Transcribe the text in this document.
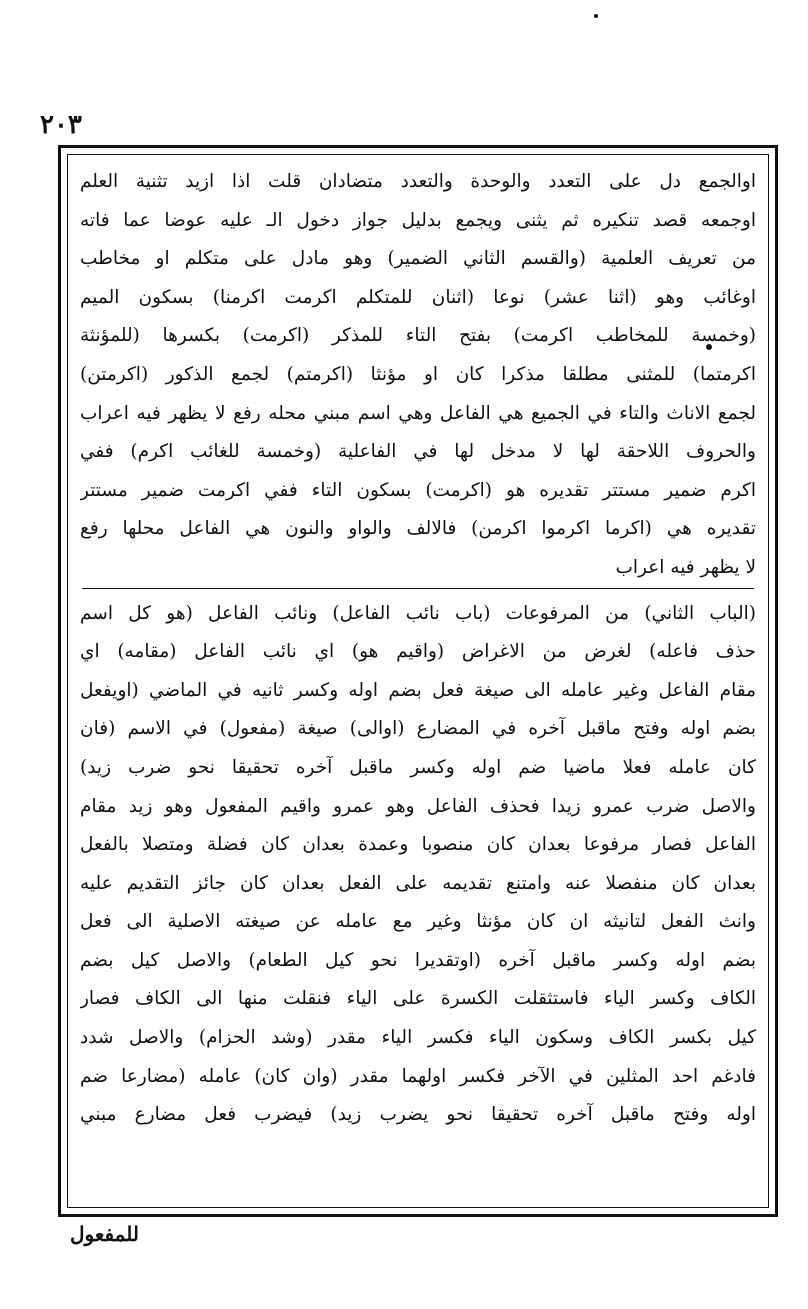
٢٠٣
اوالجمع دل على التعدد والوحدة والتعدد متضادان قلت اذا ازيد تثنية العلم
اوجمعه قصد تنكيره ثم يثنى ويجمع بدليل جواز دخول الـ عليه عوضا عما فاته
من تعريف العلمية (والقسم الثاني الضمير) وهو مادل على متكلم او مخاطب
اوغائب وهو (اثنا عشر) نوعا (اثنان للمتكلم اكرمت اكرمنا) بسكون الميم
(وخمسة للمخاطب اكرمت) بفتح التاء للمذكر (اكرمت) بكسرها (للمؤنثة
اكرمتما) للمثنى مطلقا مذكرا كان او مؤنثا (اكرمتم) لجمع الذكور (اكرمتن)
لجمع الاناث والتاء في الجميع هي الفاعل وهي اسم مبني محله رفع لا يظهر فيه اعراب
والحروف اللاحقة لها لا مدخل لها في الفاعلية (وخمسة للغائب اكرم) ففي
اكرم ضمير مستتر تقديره هو (اكرمت) بسكون التاء ففي اكرمت ضمير مستتر
تقديره هي (اكرما اكرموا اكرمن) فالالف والواو والنون هي الفاعل محلها رفع
لا يظهر فيه اعراب
(الباب الثاني) من المرفوعات (باب نائب الفاعل) ونائب الفاعل (هو كل اسم
حذف فاعله) لغرض من الاغراض (واقيم هو) اي نائب الفاعل (مقامه) اي
مقام الفاعل وغير عامله الى صيغة فعل بضم اوله وكسر ثانيه في الماضي (اويفعل
بضم اوله وفتح ماقبل آخره في المضارع (اوالى) صيغة (مفعول) في الاسم (فان
كان عامله فعلا ماضيا ضم اوله وكسر ماقبل آخره تحقيقا نحو ضرب زيد)
والاصل ضرب عمرو زيدا فحذف الفاعل وهو عمرو واقيم المفعول وهو زيد مقام
الفاعل فصار مرفوعا بعدان كان منصوبا وعمدة بعدان كان فضلة ومتصلا بالفعل
بعدان كان منفصلا عنه وامتنع تقديمه على الفعل بعدان كان جائز التقديم عليه
وانث الفعل لتانيثه ان كان مؤنثا وغير مع عامله عن صيغته الاصلية الى فعل
بضم اوله وكسر ماقبل آخره (اوتقديرا نحو كيل الطعام) والاصل كيل بضم
الكاف وكسر الياء فاستثقلت الكسرة على الياء فنقلت منها الى الكاف فصار
كيل بكسر الكاف وسكون الياء فكسر الياء مقدر (وشد الحزام) والاصل شدد
فادغم احد المثلين في الآخر فكسر اولهما مقدر (وان كان) عامله (مضارعا ضم
اوله وفتح ماقبل آخره تحقيقا نحو يضرب زيد) فيضرب فعل مضارع مبني
للمفعول
